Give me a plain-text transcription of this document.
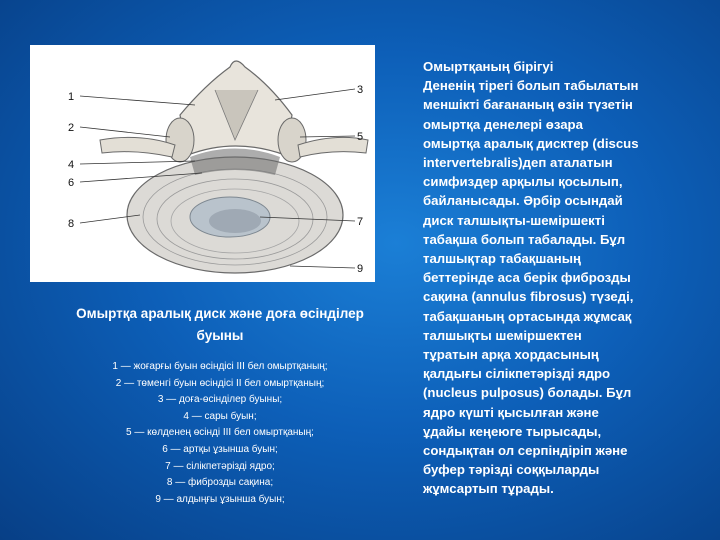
1
2
3
4
5
6
7
8
9
Омыртқа аралық диск және доға өсінділер
буыны
1 — жоғарғы буын өсіндісі III бел омыртқаның;
2 — төменгі буын өсіндісі II бел омыртқаның;
3 — доға-өсінділер буыны;
4 — сары буын;
5 — көлденең өсінді III бел омыртқаның;
6 — артқы ұзынша буын;
7 — сілікпетәрізді ядро;
8 — фиброзды сақина;
9 — алдыңғы ұзынша буын;
Омыртқаның бірігуі
Дененің тірегі болып табылатын
меншікті бағананың өзін түзетін
омыртқа денелері өзара
омыртқа аралық дисктер (discus
intervertebralis)деп аталатын
симфиздер арқылы қосылып,
байланысады. Әрбір осындай
диск талшықты-шеміршекті
табақша болып табалады. Бұл
талшықтар табақшаның
беттерінде аса берік фиброзды
сақина (annulus fibrosus) түзеді,
табақшаның ортасында жұмсақ
талшықты шеміршектен
тұратын арқа хордасының
қалдығы сілікпетәрізді ядро
(nucleus pulposus) болады. Бұл
ядро күшті қысылған және
ұдайы кеңеюге тырысады,
сондықтан ол серпіндіріп және
буфер тәрізді соққыларды
жұмсартып тұрады.
